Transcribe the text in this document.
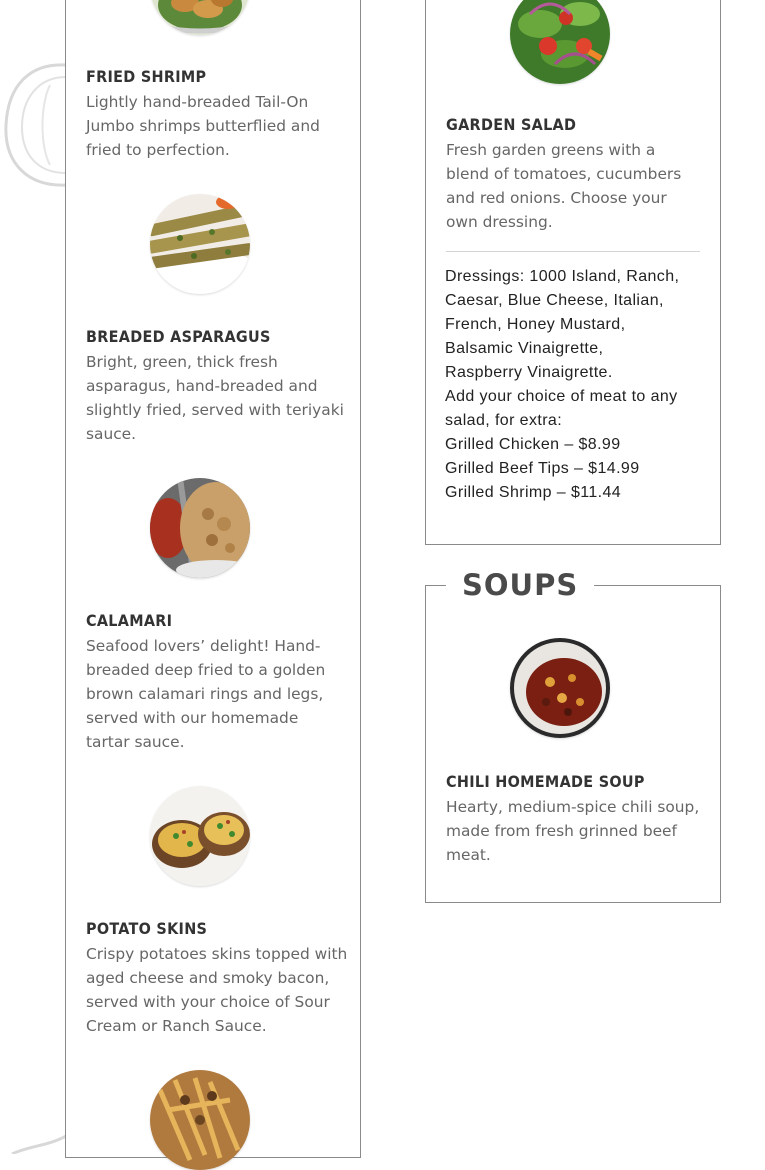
FRIED SHRIMP

Lightly hand-breaded Tail-On Jumbo shrimps butterflied and fried to perfection.

BREADED ASPARAGUS

Bright, green, thick fresh asparagus, hand-breaded and slightly fried, served with teriyaki sauce.

CALAMARI

Seafood lovers’ delight! Hand-breaded deep fried to a golden brown calamari rings and legs, served with our homemade tartar sauce.

POTATO SKINS

Crispy potatoes skins topped with aged cheese and smoky bacon, served with your choice of Sour Cream or Ranch Sauce.

GARDEN SALAD

Fresh garden greens with a blend of tomatoes, cucumbers and red onions. Choose your own dressing.

Dressings: 1000 Island, Ranch,
Caesar, Blue Cheese, Italian,
French, Honey Mustard,
Balsamic Vinaigrette,
Raspberry Vinaigrette.
Add your choice of meat to any
salad, for extra:
Grilled Chicken – $8.99
Grilled Beef Tips – $14.99
Grilled Shrimp – $11.44
SOUPS
CHILI HOMEMADE SOUP

Hearty, medium-spice chili soup, made from fresh grinned beef meat.
